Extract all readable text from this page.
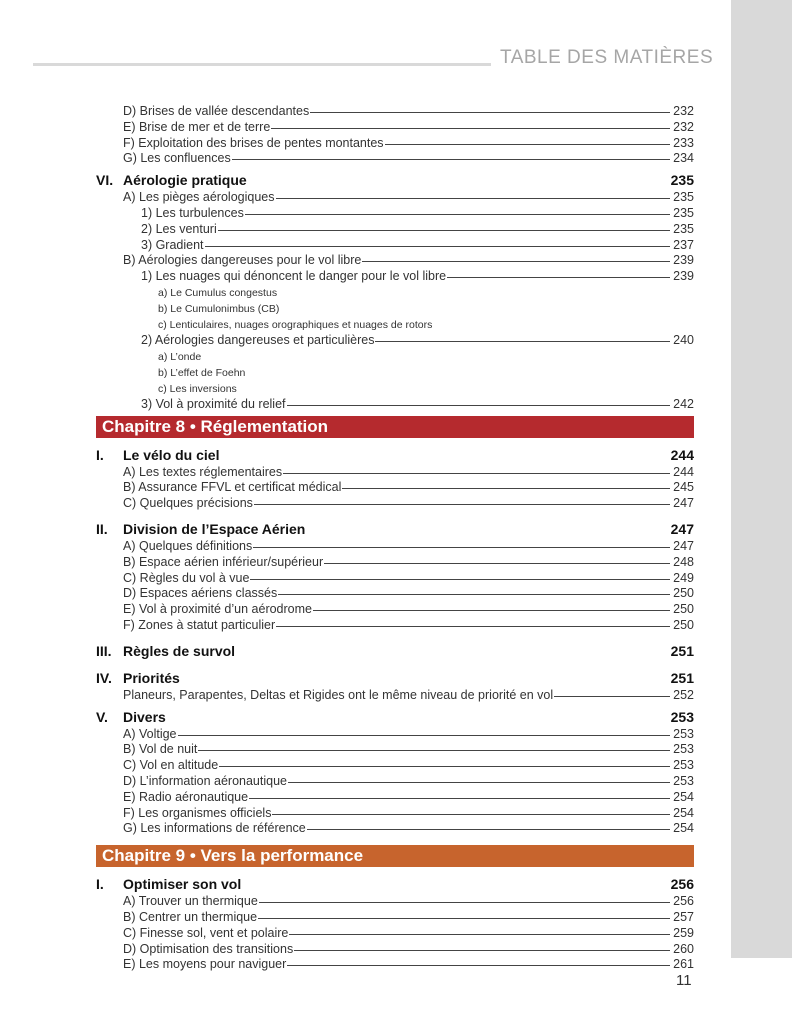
TABLE DES MATIÈRES
D) Brises de vallée descendantes	232
E) Brise de mer et de terre	232
F) Exploitation des brises de pentes montantes	233
G) Les confluences	234
VI. Aérologie pratique	235
A) Les pièges aérologiques	235
1) Les turbulences	235
2) Les venturi	235
3) Gradient	237
B) Aérologies dangereuses pour le vol libre	239
1) Les nuages qui dénoncent le danger pour le vol libre	239
a) Le Cumulus congestus
b) Le Cumulonimbus (CB)
c) Lenticulaires, nuages orographiques et nuages de rotors
2) Aérologies dangereuses et particulières	240
a) L’onde
b) L’effet de Foehn
c) Les inversions
3) Vol à proximité du relief	242
Chapitre 8 • Réglementation
I.	Le vélo du ciel	244
A) Les textes réglementaires	244
B) Assurance FFVL et certificat médical	245
C) Quelques précisions	247
II.	Division de l’Espace Aérien	247
A) Quelques définitions	247
B) Espace aérien inférieur/supérieur	248
C) Règles du vol à vue	249
D) Espaces aériens classés	250
E) Vol à proximité d’un aérodrome	250
F) Zones à statut particulier	250
III. Règles de survol	251
IV. Priorités	251
Planeurs, Parapentes, Deltas et Rigides ont le même niveau de priorité en vol	252
V.	Divers	253
A) Voltige	253
B) Vol de nuit	253
C) Vol en altitude	253
D) L’information aéronautique	253
E) Radio aéronautique	254
F) Les organismes officiels	254
G) Les informations de référence	254
Chapitre 9 • Vers la performance
I.	Optimiser son vol	256
A) Trouver un thermique	256
B) Centrer un thermique	257
C) Finesse sol, vent et polaire	259
D) Optimisation des transitions	260
E) Les moyens pour naviguer	261
11
